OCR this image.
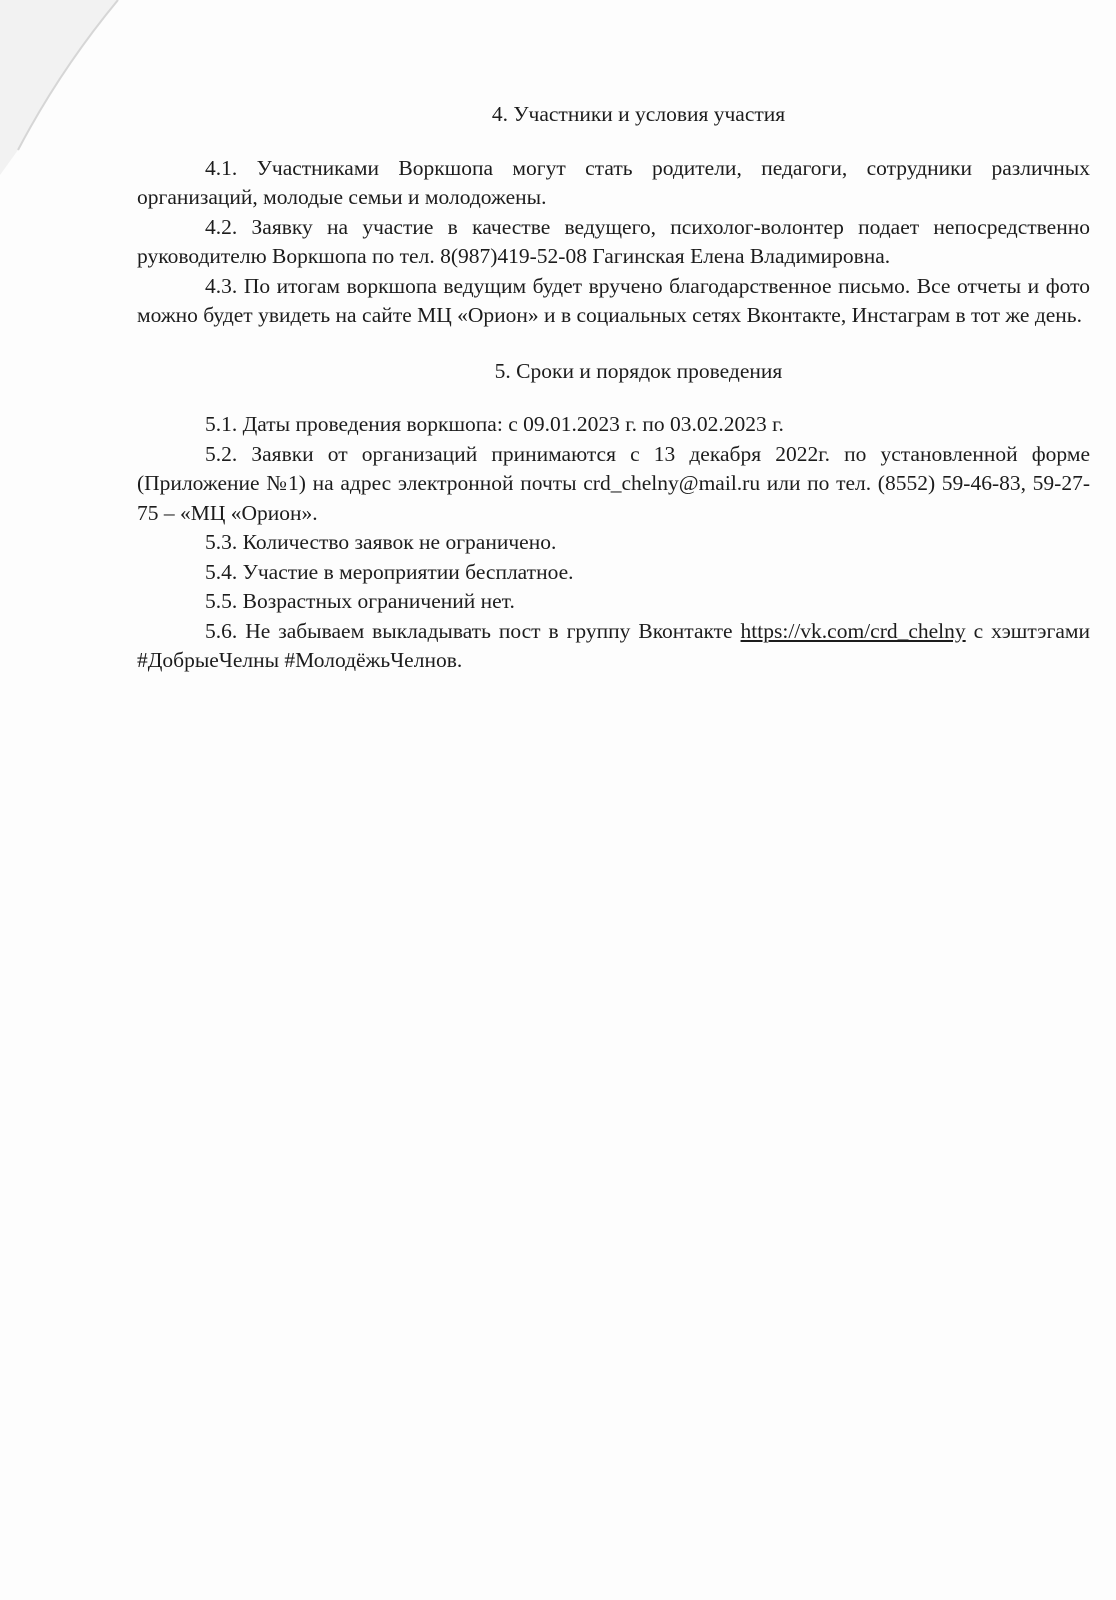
4. Участники и условия участия

4.1. Участниками Воркшопа могут стать родители, педагоги, сотрудники различных организаций, молодые семьи и молодожены.

4.2. Заявку на участие в качестве ведущего, психолог-волонтер подает непосредственно руководителю Воркшопа по тел. 8(987)419-52-08 Гагинская Елена Владимировна.

4.3. По итогам воркшопа ведущим будет вручено благодарственное письмо. Все отчеты и фото можно будет увидеть на сайте МЦ «Орион» и в социальных сетях Вконтакте, Инстаграм в тот же день.

5. Сроки и порядок проведения

5.1. Даты проведения воркшопа: с 09.01.2023 г. по 03.02.2023 г.

5.2. Заявки от организаций принимаются с 13 декабря 2022г. по установленной форме (Приложение №1) на адрес электронной почты crd_chelny@mail.ru или по тел. (8552) 59-46-83, 59-27-75 – «МЦ «Орион».

5.3. Количество заявок не ограничено.

5.4. Участие в мероприятии бесплатное.

5.5. Возрастных ограничений нет.

5.6. Не забываем выкладывать пост в группу Вконтакте https://vk.com/crd_chelny с хэштэгами #ДобрыеЧелны #МолодёжьЧелнов.
